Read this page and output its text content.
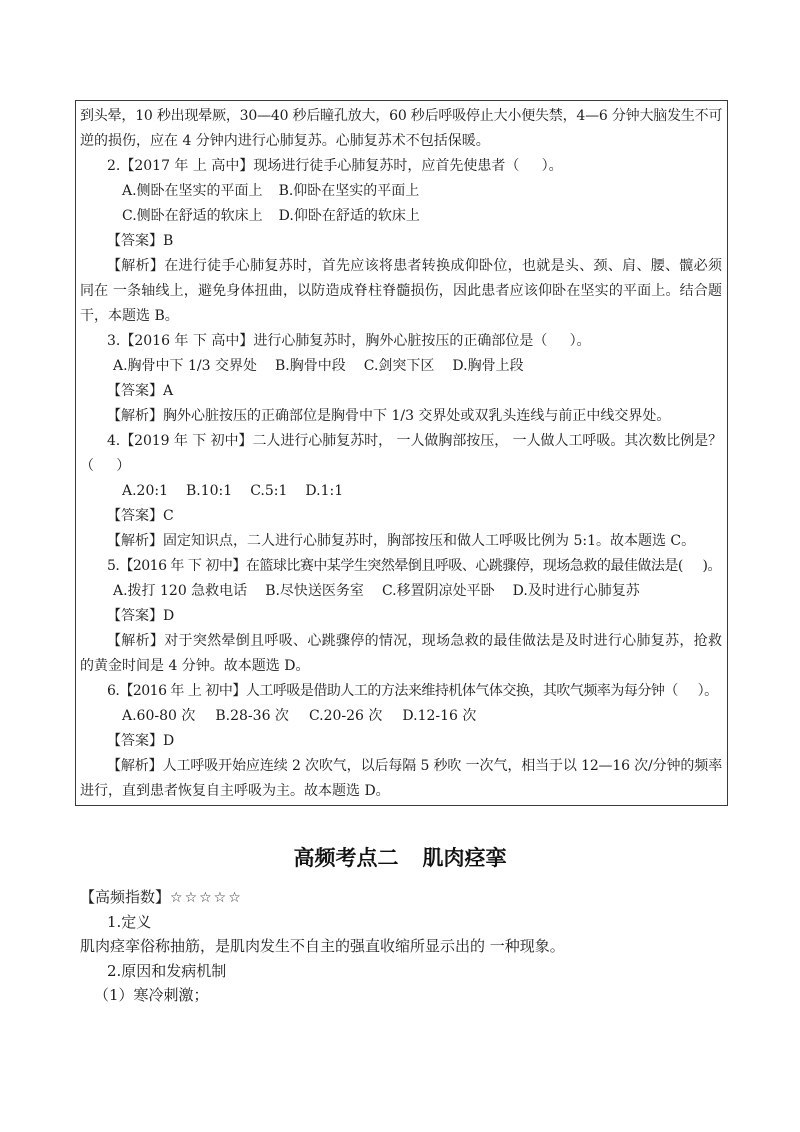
到头晕，10 秒出现晕厥，30—40 秒后瞳孔放大，60 秒后呼吸停止大小便失禁，4—6 分钟大脑发生不可
逆的损伤，应在 4 分钟内进行心肺复苏。心肺复苏术不包括保暖。
2.【2017 年 上 高中】现场进行徒手心肺复苏时，应首先使患者（     ）。
A.侧卧在坚实的平面上 B.仰卧在坚实的平面上
C.侧卧在舒适的软床上 D.仰卧在舒适的软床上
【答案】B
【解析】在进行徒手心肺复苏时，首先应该将患者转换成仰卧位，也就是头、颈、肩、腰、髋必须
同在 一条轴线上，避免身体扭曲，以防造成脊柱脊髓损伤，因此患者应该仰卧在坚实的平面上。结合题
干，本题选 B。
3.【2016 年 下 高中】进行心肺复苏时，胸外心脏按压的正确部位是（     ）。
A.胸骨中下 1/3 交界处 B.胸骨中段 C.剑突下区 D.胸骨上段
【答案】A
【解析】胸外心脏按压的正确部位是胸骨中下 1/3 交界处或双乳头连线与前正中线交界处。
4.【2019 年 下 初中】二人进行心肺复苏时， 一人做胸部按压， 一人做人工呼吸。其次数比例是？
（     ）
A.20:1 B.10:1 C.5:1 D.1:1
【答案】C
【解析】固定知识点，二人进行心肺复苏时，胸部按压和做人工呼吸比例为 5:1。故本题选 C。
5.【2016 年 下 初中】在篮球比赛中某学生突然晕倒且呼吸、心跳骤停，现场急救的最佳做法是(     )。
A.拨打 120 急救电话 B.尽快送医务室 C.移置阴凉处平卧 D.及时进行心肺复苏
【答案】D
【解析】对于突然晕倒且呼吸、心跳骤停的情况，现场急救的最佳做法是及时进行心肺复苏，抢救
的黄金时间是 4 分钟。故本题选 D。
6.【2016 年 上 初中】人工呼吸是借助人工的方法来维持机体气体交换，其吹气频率为每分钟（     ）。
A.60-80 次 B.28-36 次 C.20-26 次 D.12-16 次
【答案】D
【解析】人工呼吸开始应连续 2 次吹气，以后每隔 5 秒吹 一次气，相当于以 12—16 次/分钟的频率
进行，直到患者恢复自主呼吸为主。故本题选 D。
高频考点二 肌肉痉挛
【高频指数】☆☆☆☆☆
1.定义
肌肉痉挛俗称抽筋，是肌肉发生不自主的强直收缩所显示出的 一种现象。
2.原因和发病机制
（1）寒冷刺激；
